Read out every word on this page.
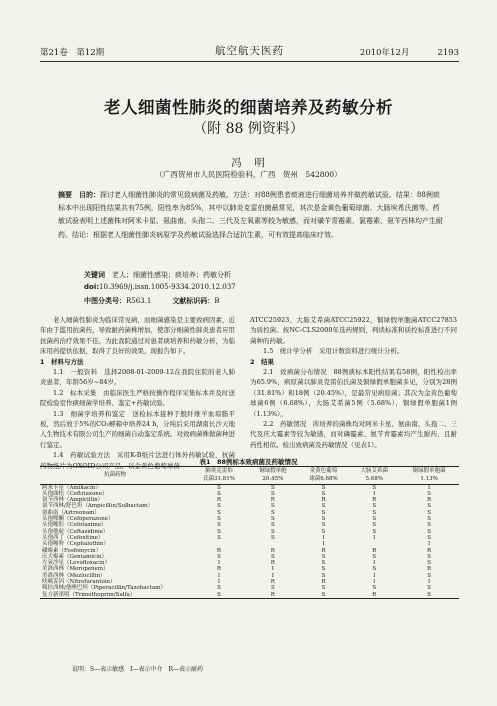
第21卷　第12期	航空航天医药	2010年12月	2193
老人细菌性肺炎的细菌培养及药敏分析
（附 88 例资料）
冯　明
（广西贺州市人民医院检验科，广西　贺州　542800）
摘要　目的：探讨老人细菌性肺炎的常见致病菌及药敏。方法：对88例患者痰液进行细菌培养并做药敏试验。结果：88例痰标本中出现阳性结果共有75例，阳性率为85%，其中以肺炎克雷伯菌最常见，其次是金黄色葡萄球菌、大肠埃希氏菌等。药敏试验表明上述菌株对阿米卡星、氨曲南、头孢二、三代及左氧素等较为敏感，而对磺苄青霉素、氯霉素、氨苄西林均产生耐药。结论：根据老人细菌性肺炎病原学及药敏试验选择合适抗生素，可有效提高临床疗效。
关键词　 老人；细菌性感染；痰培养；药敏分析
doi:10.3969/j.issn.1005-9334.2010.12.037
中图分类号：R563.1　　　	文献标识码：B

老人细菌性肺炎为临床常见病，而细菌感染是主要致病因素，近年由于滥用抗菌药，导致耐药菌株增加，使部分细菌性肺炎患者应用抗菌药治疗效果不佳。为此我院通过对患者痰培养和药敏分析，为临床用药提供依据，取得了良好的效果，现报告如下。

1　材料与方法

1.1　一般资料　选择2008-01-2009-12在我院住院的老人肺炎患者，年龄56岁~84岁。

1.2　标本采集　由临床医生严格按操作程序采集标本并及时送院检验室作痰细菌学培养、鉴定+药敏试验。

1.3　细菌学培养和鉴定　送检标本接种于脱纤维羊血琼脂平板，然后放于5%的CO₂孵箱中培养24 h，分纯后采用湖南长沙天地人生物技术有限公司生产的细菌自动鉴定系统。对致病菌株做菌种进行鉴定。

1.4　药敏试验方法　采用K-B纸片法进行体外药敏试验，抗菌药物纸片为OXOID公司产品。以金黄色葡萄球菌

ATCC25923、大肠艾希菌ATCC25922，铜绿假单胞菌ATCC27853为质控菌。按NC-CLS2000年选药规则，判读标准和质控标准进行不同菌种的药敏。

1.5　统计学分析　采用计数资料进行统计分析。

2　结果

2.1　致病菌分布情况　88例痰标本阳性结果有58例，阳性检出率为65.9%，病原菌以肺炎克雷伯氏菌及铜绿假单胞菌多见，分别为28例（31.81%）和18例（20.45%），是最常见病原菌；其次为金黄色葡萄球菌6例（6.68%），大肠艾希菌5例（5.68%），铜绿假单胞菌1例（1.13%）。

2.2　药敏情况　所培养的菌株均对阿米卡星、氨曲南、头孢二、三代及庆大霉素等较为敏感，而对磷霉素、氨苄青霉素均产生耐药，且耐药性相似。检出致病菌及药敏情况（见表1）。

表1　88例标本致病菌及药敏情况
抗菌药物	肺炎克雷伯	铜绿假单胞	金黄色葡萄	大肠艾希菌	铜绿假单胞菌
	氏菌31.81%	20.45%	球菌6.68%	5.68%	1.13%
阿米卡星（Amikacin）	S	S	S	S	I
头孢曲松（Ceftriaxone）	S	S	S	I	S
氨苄西林（Ampicillin）	R	R	R	R	R
氨苄西林/舒巴坦（Ampicillin/Sulbactam）	S	S	S	S	S
氨曲南（Aztreonam）	S	S	S	S	S
头孢哌酮（Cefoperazone）	S	S	S	S	S
头孢噻肟（Cefotaxime）	S	S	S	S	S
头孢他啶（Ceftazidime）	S	S	S	S	S
头孢西丁（Cefoxitine）	S	S	I	I	S
头孢噻吩（Cephalothin）			I		I
磷霉素（Fosfomycin）	R	R	R	R	R
庆大霉素（Gentamicin）	S	S	S	S	S
左氧沙星（Levofloxacin）	I	R	S	I	S
美洛西林（Meropenem）	R	I	S	S	R
美洛西林（Mezlocillin）	I	I	S	I	S
呋喃妥因（Nitrofurantoin）	I	R	R	I	I
哌拉西林/他唑巴坦（Piperacillin/Tazobactam）	S	S	S	S	S
复方新诺明（Trimethoprim/Sulfa）	S	R	S	R	S
说明：S—表示敏感　I—表示中介　R—表示耐药
